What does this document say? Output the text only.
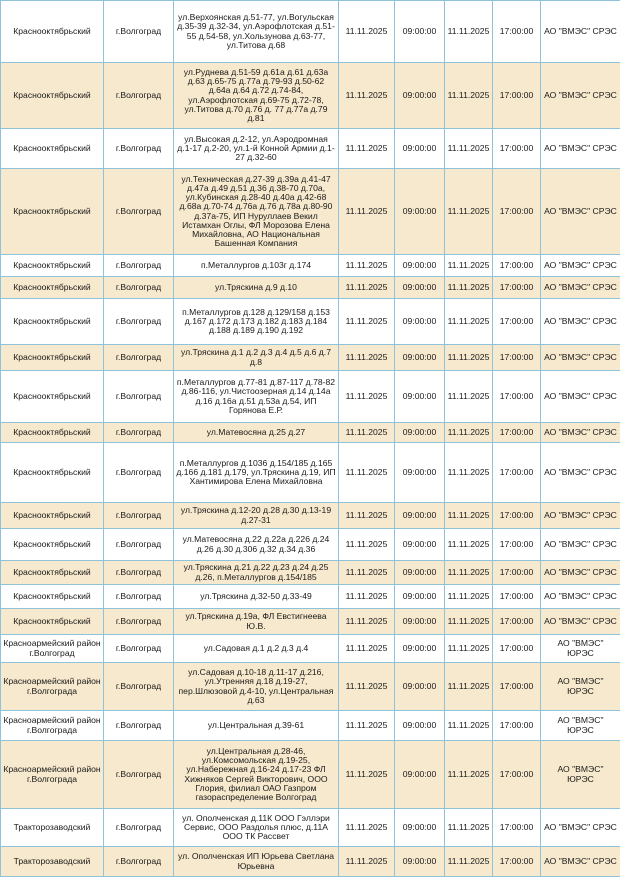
Краснооктябрьский	г.Волгоград	ул.Верхоянская д.51-77, ул.Вогульская д.35-39 д.32-34, ул.Аэрофлотская д.51-55 д.54-58, ул.Хользунова д.63-77, ул.Титова д.68	11.11.2025	09:00:00	11.11.2025	17:00:00	АО "ВМЭС" СРЭС
Краснооктябрьский	г.Волгоград	ул.Руднева д.51-59 д.61а д.61 д.63а д.63 д.65-75 д.77а д.79-93 д.50-62 д.64а д.64 д.72 д.74-84, ул.Аэрофлотская д.69-75 д.72-78, ул.Титова д.70 д.76 д. 77 д.77а д.79 д.81	11.11.2025	09:00:00	11.11.2025	17:00:00	АО "ВМЭС" СРЭС
Краснооктябрьский	г.Волгоград	ул.Высокая д.2-12, ул.Аэродромная д.1-17 д.2-20, ул.1-й Конной Армии д.1-27 д.32-60	11.11.2025	09:00:00	11.11.2025	17:00:00	АО "ВМЭС" СРЭС
Краснооктябрьский	г.Волгоград	ул.Техническая д.27-39 д.39а д.41-47 д.47а д.49 д.51 д.36 д.38-70 д.70а, ул.Кубинская д.28-40 д.40а д.42-68 д.68а д.70-74 д.76а д.76 д.78а д.80-90 д.37а-75, ИП Нуруллаев Векил Истамхан Оглы, ФЛ Морозова Елена Михайловна, АО Национальная Башенная Компания	11.11.2025	09:00:00	11.11.2025	17:00:00	АО "ВМЭС" СРЭС
Краснооктябрьский	г.Волгоград	п.Металлургов д.103г д.174	11.11.2025	09:00:00	11.11.2025	17:00:00	АО "ВМЭС" СРЭС
Краснооктябрьский	г.Волгоград	ул.Тряскина д.9 д.10	11.11.2025	09:00:00	11.11.2025	17:00:00	АО "ВМЭС" СРЭС
Краснооктябрьский	г.Волгоград	п.Металлургов д.128 д.129/158 д.153 д.167 д.172 д.173 д.182 д.183 д.184 д.188 д.189 д.190 д.192	11.11.2025	09:00:00	11.11.2025	17:00:00	АО "ВМЭС" СРЭС
Краснооктябрьский	г.Волгоград	ул.Тряскина д.1 д.2 д.3 д.4 д.5 д.6 д.7 д.8	11.11.2025	09:00:00	11.11.2025	17:00:00	АО "ВМЭС" СРЭС
Краснооктябрьский	г.Волгоград	п.Металлургов д.77-81 д.87-117 д.78-82 д.86-116, ул.Чистоозерная д.14 д.14а д.16 д.16а д.51 д.53а д.54, ИП Горянова Е.Р.	11.11.2025	09:00:00	11.11.2025	17:00:00	АО "ВМЭС" СРЭС
Краснооктябрьский	г.Волгоград	ул.Матевосяна д.25 д.27	11.11.2025	09:00:00	11.11.2025	17:00:00	АО "ВМЭС" СРЭС
Краснооктябрьский	г.Волгоград	п.Металлургов д.1036 д.154/185 д.165 д.166 д.181 д.179, ул.Тряскина д.19, ИП Хантимирова Елена Михайловна	11.11.2025	09:00:00	11.11.2025	17:00:00	АО "ВМЭС" СРЭС
Краснооктябрьский	г.Волгоград	ул.Тряскина д.12-20 д.28 д.30 д.13-19 д.27-31	11.11.2025	09:00:00	11.11.2025	17:00:00	АО "ВМЭС" СРЭС
Краснооктябрьский	г.Волгоград	ул.Матевосяна д.22 д.22а д.226 д.24 д.26 д.30 д.306 д.32 д.34 д.36	11.11.2025	09:00:00	11.11.2025	17:00:00	АО "ВМЭС" СРЭС
Краснооктябрьский	г.Волгоград	ул.Тряскина д.21 д.22 д.23 д.24 д.25 д.26, п.Металлургов д.154/185	11.11.2025	09:00:00	11.11.2025	17:00:00	АО "ВМЭС" СРЭС
Краснооктябрьский	г.Волгоград	ул.Тряскина д.32-50 д.33-49	11.11.2025	09:00:00	11.11.2025	17:00:00	АО "ВМЭС" СРЭС
Краснооктябрьский	г.Волгоград	ул.Тряскина д.19а, ФЛ Евстигнеева Ю.В.	11.11.2025	09:00:00	11.11.2025	17:00:00	АО "ВМЭС" СРЭС
Красноармейский район г.Волгоград	г.Волгоград	ул.Садовая д.1 д.2 д.3 д.4	11.11.2025	09:00:00	11.11.2025	17:00:00	АО "ВМЭС" ЮРЭС
Красноармейский район г.Волгограда	г.Волгоград	ул.Садовая д.10-18 д.11-17 д.216, ул.Утренняя д.18 д.19-27, пер.Шлюзовой д.4-10, ул.Центральная д.63	11.11.2025	09:00:00	11.11.2025	17:00:00	АО "ВМЭС" ЮРЭС
Красноармейский район г.Волгограда	г.Волгоград	ул.Центральная д.39-61	11.11.2025	09:00:00	11.11.2025	17:00:00	АО "ВМЭС" ЮРЭС
Красноармейский район г.Волгограда	г.Волгоград	ул.Центральная д.28-46, ул.Комсомольская д.19-25, ул.Набережная д.16-24 д.17-23 ФЛ Хижняков Сергей Викторович, ООО Глория, филиал ОАО Газпром газораспределение Волгоград	11.11.2025	09:00:00	11.11.2025	17:00:00	АО "ВМЭС" ЮРЭС
Тракторозаводский	г.Волгоград	ул. Ополченская д.11К ООО Гэллэри Сервис, ООО Раздолья плюс, д.11А ООО ТК Рассвет	11.11.2025	09:00:00	11.11.2025	17:00:00	АО "ВМЭС" СРЭС
Тракторозаводский	г.Волгоград	ул. Ополченская ИП Юрьева Светлана Юрьевна	11.11.2025	09:00:00	11.11.2025	17:00:00	АО "ВМЭС" СРЭС
